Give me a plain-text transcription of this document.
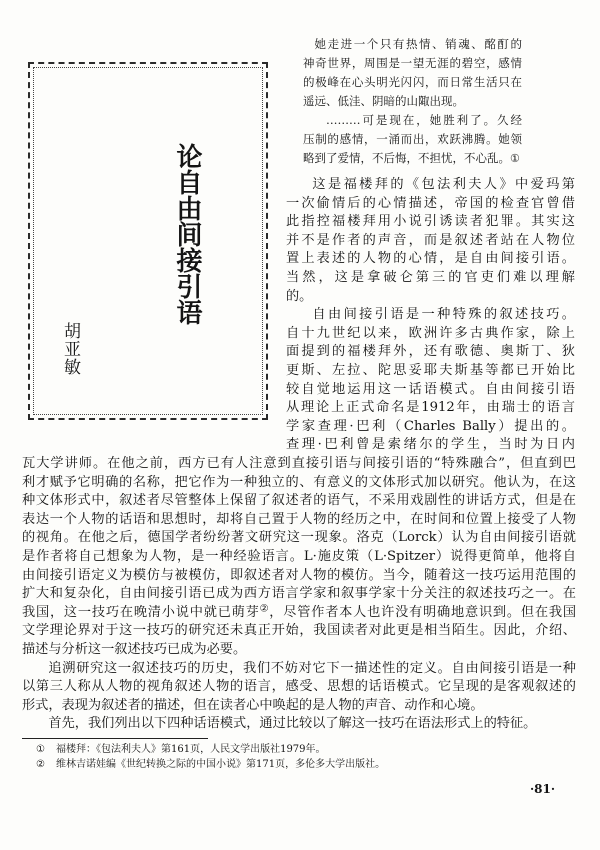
论自由间接引语
胡亚敏
她走进一个只有热情、销魂、酩酊的
神奇世界，周围是一望无涯的碧空，感情
的极峰在心头明光闪闪，而日常生活只在
遥远、低洼、阴暗的山陬出现。
………可是现在，她胜利了。久经
压制的感情，一涌而出，欢跃沸腾。她领
略到了爱情，不后悔，不担忧，不心乱。①
这是福楼拜的《包法利夫人》中爱玛第
一次偷情后的心情描述，帝国的检查官曾借
此指控福楼拜用小说引诱读者犯罪。其实这
并不是作者的声音，而是叙述者站在人物位
置上表述的人物的心情，是自由间接引语。
当然，这是拿破仑第三的官吏们难以理解
的。
自由间接引语是一种特殊的叙述技巧。
自十九世纪以来，欧洲许多古典作家，除上
面提到的福楼拜外，还有歌德、奥斯丁、狄
更斯、左拉、陀思妥耶夫斯基等都已开始比
较自觉地运用这一话语模式。自由间接引语
从理论上正式命名是1912年，由瑞士的语言
学家查理·巴利（Charles Bally）提出的。
查理·巴利曾是索绪尔的学生，当时为日内
瓦大学讲师。在他之前，西方已有人注意到直接引语与间接引语的“特殊融合”，但直到巴
利才赋予它明确的名称，把它作为一种独立的、有意义的文体形式加以研究。他认为，在这
种文体形式中，叙述者尽管整体上保留了叙述者的语气，不采用戏剧性的讲话方式，但是在
表达一个人物的话语和思想时，却将自己置于人物的经历之中，在时间和位置上接受了人物
的视角。在他之后，德国学者纷纷著文研究这一现象。洛克（Lorck）认为自由间接引语就
是作者将自己想象为人物，是一种经验语言。L·施皮策（L·Spitzer）说得更简单，他将自
由间接引语定义为模仿与被模仿，即叙述者对人物的模仿。当今，随着这一技巧运用范围的
扩大和复杂化，自由间接引语已成为西方语言学家和叙事学家十分关注的叙述技巧之一。在
我国，这一技巧在晚清小说中就已萌芽②，尽管作者本人也许没有明确地意识到。但在我国
文学理论界对于这一技巧的研究还未真正开始，我国读者对此更是相当陌生。因此，介绍、
描述与分析这一叙述技巧已成为必要。
追溯研究这一叙述技巧的历史，我们不妨对它下一描述性的定义。自由间接引语是一种
以第三人称从人物的视角叙述人物的语言，感受、思想的话语模式。它呈现的是客观叙述的
形式，表现为叙述者的描述，但在读者心中唤起的是人物的声音、动作和心境。
首先，我们列出以下四种话语模式，通过比较以了解这一技巧在语法形式上的特征。
① 福楼拜：《包法利夫人》第161页，人民文学出版社1979年。
② 维林吉诺娃编《世纪转换之际的中国小说》第171页，多伦多大学出版社。
·81·
